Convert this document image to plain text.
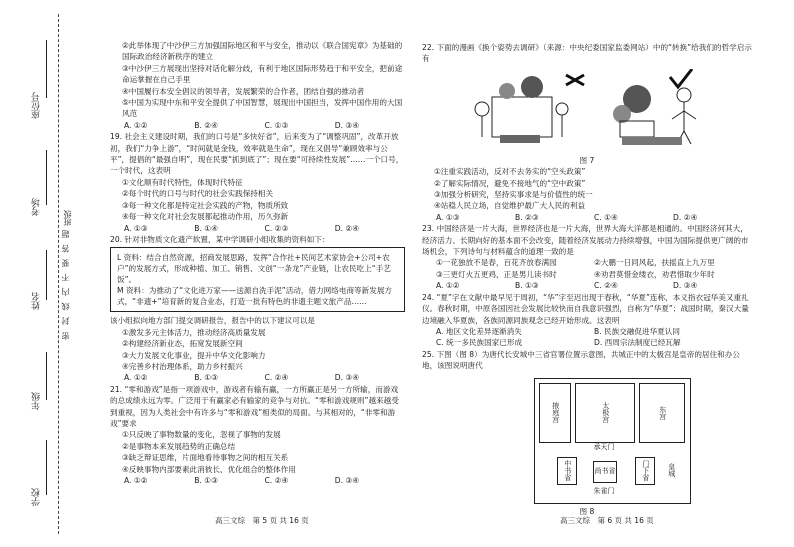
座位号
考场
班级
密 封 线 内 不 要 答 题
姓名
年级
学校

②此举体现了中沙伊三方加强国际地区和平与安全，推动以《联合国宪章》为基础的国际政治经济新秩序的建立

③中沙伊三方展现出坚持对话化解分歧，有利于地区国际形势趋于和平安全，把前途命运掌握在自己手里

④中国履行本安全倡议的领导者，发展繁荣的合作者，团结自强的推动者

⑤中国为实现中东和平安全提供了中国智慧，展现出中国担当，发挥中国作用的大国风范

A. ①②	B. ②④	C. ①③	D. ③④

19. 社会主义建设时期，我们的口号是“多快好省”，后来变为了“调整巩固”，改革开放初，我们“力争上游”，“时间就是金钱，效率就是生命”，现在又倡导“兼顾效率与公平”，提倡的“最强自明”，现在民要“抓到底了”；现在要“可持续性发展”……一个口号，一个时代，这表明

①文化顺有时代特性，体现时代特征

②每个时代的口号与时代的社会实践保持相关

③每一种文化都是特定社会实践的产物，物质所致

④每一种文化对社会发展都起推动作用，历久弥新

A. ①③	B. ①④	C. ②③	D. ②④

20. 针对非物质文化遗产软置，某中学调研小组收集的资料如下：

L 资料：结合自然资源，招商发展思路，发挥“合作社+民间艺术家协会+公司+农户”的发展方式，形成种植、加工、销售、文创“一条龙”产业链，让农民吃上“手艺饭”。

M 资料：为推动了“文化进万家——送源自洗手泥”活动，借力网络电商等新发展方式，“非遗+”培育新的复合业态，打造一批有特色的非遗主题文旅产品……

该小组拟向地方部门提交调研报告，报告中的以下建议可以是

①激发多元主体活力，推动经济高质量发展

②构建经济新业态，拓宽发展新空间

③大力发展文化事业，提升中华文化影响力

④完善乡村治理体系，助力乡村振兴

A. ①②	B. ①③	C. ②④	D. ③④

21. “零和游戏”是指一项游戏中，游戏者有输有赢，一方所赢正是另一方所输，而游戏的总成绩永远为零。广泛用于有赢家必有输家的竞争与对抗。“零和游戏规则”越来越受到重视，因为人类社会中有许多与“零和游戏”相类似的局面。与其相对的，“非零和游戏”要求

①只反映了事物数量的变化，忽视了事物的发展

②是事物本来发展趋势的正确总结

③缺乏辩证思维，片面地看待事物之间的相互关系

④反映事物内部要素此消彼长、优化组合的整体作用

A. ①②	B. ①③	C. ②④	D. ③④
高三文综　第 5 页 共 16 页

22. 下面的漫画《换个姿势去调研》（来源：中央纪委国家监委网站）中的“转换”给我们的哲学启示有

图 7

①注重实践活动，反对不去务实的“空头政策”

②了解实际情况，避免不接地气的“空中政策”

③加强分析研究，坚持实事求是与价值性的统一

④站稳人民立场，自觉维护最广大人民的利益

A. ①③	B. ②③	C. ①④	D. ②④

23. 中国经济是一片大海，世界经济也是一片大海，世界大海大洋都是相通的。中国经济何其大，经济活力、长期向好的基本面不会改变，随着经济发展动力持续增强，中国为国际提供更广阔的市场机会，下列诗句与材料蕴含的道理一致的是

①一花独放不是春，百花齐放春满园	②大鹏一日同风起，扶摇直上九万里
③三更灯火五更鸡，正是男儿读书时	④劝君莫惜金缕衣，劝君惜取少年时
A. ①②	B. ①③	C. ②④	D. ③④

24. “夏”字在文献中最早见于周初，“华”字至迟出现于春秋，“华夏”连称，本义指衣冠华美又重礼仪。春秋时期，中原各国因社会发展比较快而自我意识强烈，自称为“华夏”；战国时期，秦汉大量边境融入华夏族，各族同源同族观念已经开始形成。这表明

A. 地区文化差异逐渐消失	B. 民族交融促进华夏认同
C. 统一多民族国家已形成	D. 西周宗法制度已经瓦解

25. 下图（图 8）为唐代长安城中三省官署位置示意图，共城正中的太极宫是皇帝的居住和办公地，该图说明唐代

掖庭宫	太极宫	东宫
承天门
中书省	门下省
尚书省	皇城
朱雀门
图 8
高三文综　第 6 页 共 16 页
